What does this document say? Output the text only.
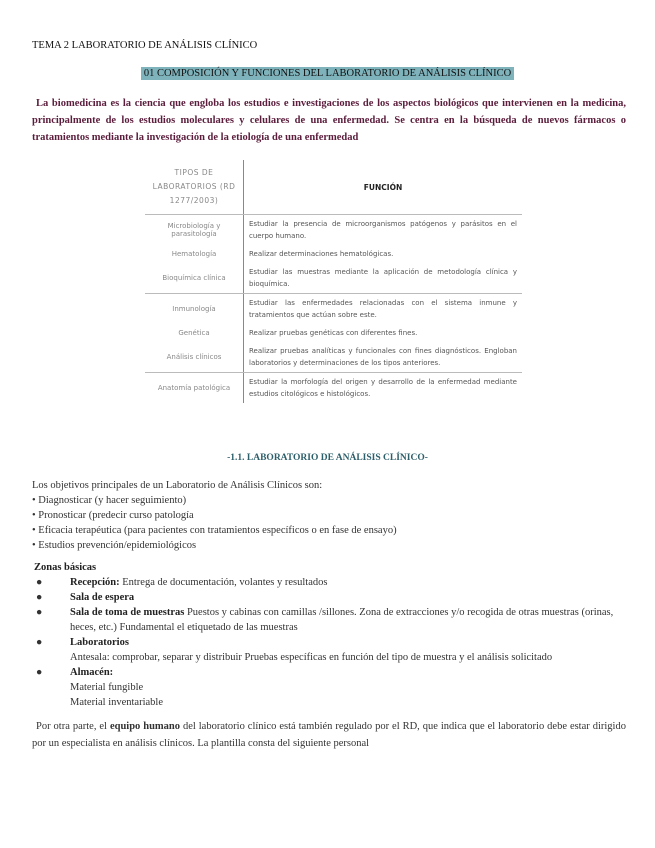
TEMA 2 LABORATORIO DE ANÁLISIS CLÍNICO
01 COMPOSICIÓN Y FUNCIONES DEL LABORATORIO DE ANÁLISIS CLÍNICO
La biomedicina es la ciencia que engloba los estudios e investigaciones de los aspectos biológicos que intervienen en la medicina, principalmente de los estudios moleculares y celulares de una enfermedad. Se centra en la búsqueda de nuevos fármacos o tratamientos mediante la investigación de la etiología de una enfermedad
TIPOS DE LABORATORIOS (RD 1277/2003)	FUNCIÓN
Microbiología y parasitología	Estudiar la presencia de microorganismos patógenos y parásitos en el cuerpo humano.
Hematología	Realizar determinaciones hematológicas.
Bioquímica clínica	Estudiar las muestras mediante la aplicación de metodología clínica y bioquímica.
Inmunología	Estudiar las enfermedades relacionadas con el sistema inmune y tratamientos que actúan sobre este.
Genética	Realizar pruebas genéticas con diferentes fines.
Análisis clínicos	Realizar pruebas analíticas y funcionales con fines diagnósticos. Engloban laboratorios y determinaciones de los tipos anteriores.
Anatomía patológica	Estudiar la morfología del origen y desarrollo de la enfermedad mediante estudios citológicos e histológicos.
-1.1. LABORATORIO DE ANÁLISIS CLÍNICO-
Los objetivos principales de un Laboratorio de Análisis Clínicos son:
• Diagnosticar (y hacer seguimiento)
• Pronosticar (predecir curso patología
• Eficacia terapéutica (para pacientes con tratamientos específicos o en fase de ensayo)
• Estudios prevención/epidemiológicos
Zonas básicas
●	Recepción: Entrega de documentación, volantes y resultados
●	Sala de espera
●	Sala de toma de muestras Puestos y cabinas con camillas /sillones. Zona de extracciones y/o recogida de otras muestras (orinas, heces, etc.) Fundamental el etiquetado de las muestras
●	Laboratorios
Antesala: comprobar, separar y distribuir Pruebas específicas en función del tipo de muestra y el análisis solicitado
●	Almacén:
Material fungible
Material inventariable
Por otra parte, el equipo humano del laboratorio clínico está también regulado por el RD, que indica que el laboratorio debe estar dirigido por un especialista en análisis clínicos. La plantilla consta del siguiente personal
